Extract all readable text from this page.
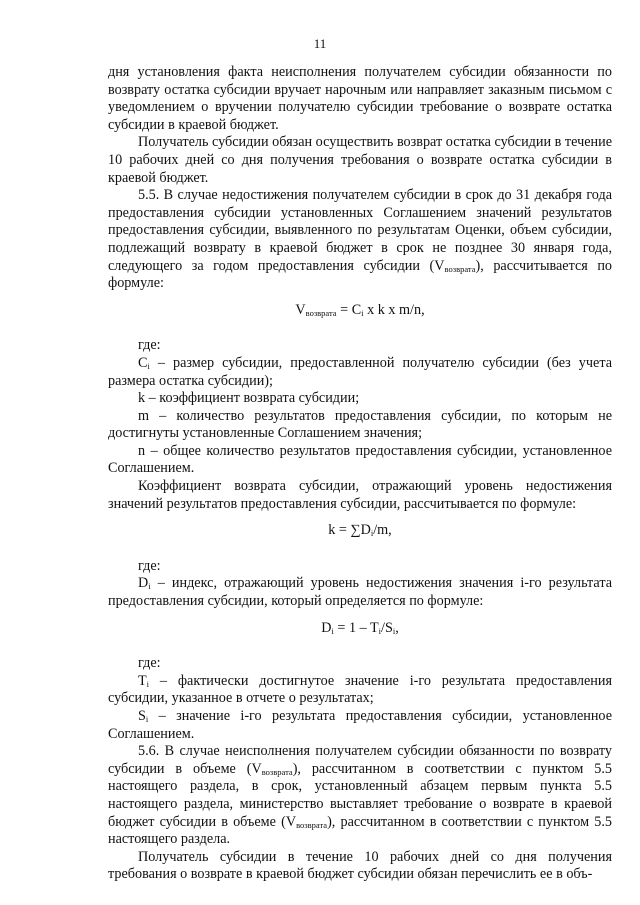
11

дня установления факта неисполнения получателем субсидии обязанности по возврату остатка субсидии вручает нарочным или направляет заказным письмом с уведомлением о вручении получателю субсидии требование о возврате остатка субсидии в краевой бюджет.

Получатель субсидии обязан осуществить возврат остатка субсидии в течение 10 рабочих дней со дня получения требования о возврате остатка субсидии в краевой бюджет.

5.5. В случае недостижения получателем субсидии в срок до 31 декабря года предоставления субсидии установленных Соглашением значений результатов предоставления субсидии, выявленного по результатам Оценки, объем субсидии, подлежащий возврату в краевой бюджет в срок не позднее 30 января года, следующего за годом предоставления субсидии $(V_{возврата})$, рассчитывается по формуле:

$V_{возврата} = C_i$ x k x m/n,

где:

$C_i$ – размер субсидии, предоставленной получателю субсидии (без учета размера остатка субсидии);

k – коэффициент возврата субсидии;

m – количество результатов предоставления субсидии, по которым не достигнуты установленные Соглашением значения;

n – общее количество результатов предоставления субсидии, установленное Соглашением.

Коэффициент возврата субсидии, отражающий уровень недостижения значений результатов предоставления субсидии, рассчитывается по формуле:

$k = \sum D_i/m$,

где:

$D_i$ – индекс, отражающий уровень недостижения значения i-го результата предоставления субсидии, который определяется по формуле:

$D_i = 1 - T_i/S_i$,

где:

$T_i$ – фактически достигнутое значение i-го результата предоставления субсидии, указанное в отчете о результатах;

$S_i$ – значение i-го результата предоставления субсидии, установленное Соглашением.

5.6. В случае неисполнения получателем субсидии обязанности по возврату субсидии в объеме $(V_{возврата})$, рассчитанном в соответствии с пунктом 5.5 настоящего раздела, в срок, установленный абзацем первым пункта 5.5 настоящего раздела, министерство выставляет требование о возврате в краевой бюджет субсидии в объеме $(V_{возврата})$, рассчитанном в соответствии с пунктом 5.5 настоящего раздела.

Получатель субсидии в течение 10 рабочих дней со дня получения требования о возврате в краевой бюджет субсидии обязан перечислить ее в объ-
